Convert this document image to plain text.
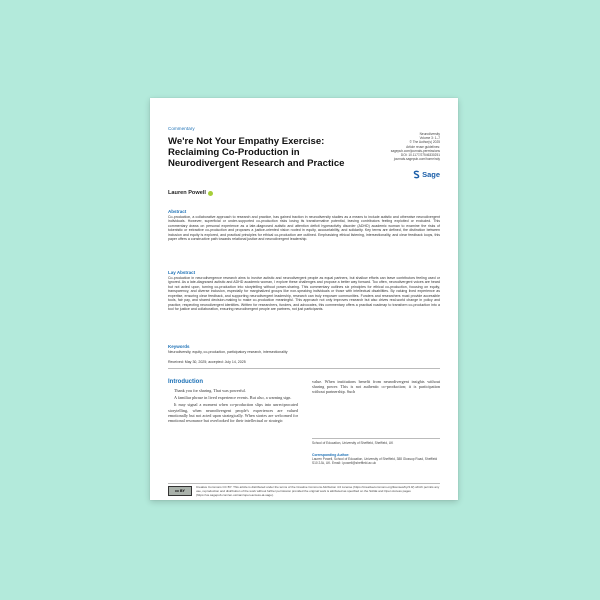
Commentary
We're Not Your Empathy Exercise: Reclaiming Co-Production in Neurodivergent Research and Practice
Neurodiversity
Volume 3: 1–7
© The Author(s) 2025
Article reuse guidelines:
sagepub.com/journals-permissions
DOI: 10.1177/27546330251
journals.sagepub.com/home/ndy
Sage
Lauren Powell
Abstract
Co-production, a collaborative approach to research and practice, has gained traction in neurodiversity studies as a means to include autistic and otherwise neurodivergent individuals. However, superficial or under-supported co-production risks losing its transformative potential, leaving contributors feeling exploited or excluded. This commentary draws on personal experience as a late-diagnosed autistic and attention deficit hyperactivity disorder (ADHD) academic woman to examine the risks of tokenistic or extractive co-production and proposes a justice-oriented vision rooted in equity, accountability, and solidarity. Key terms are defined, the distinction between inclusion and equity is explored, and practical principles for ethical co-production are outlined. Emphasizing ethical listening, intersectionality, and clear feedback loops, this paper offers a constructive path towards relational justice and neurodivergent leadership.
Lay Abstract
Co-production in neurodivergence research aims to involve autistic and neurodivergent people as equal partners, but shallow efforts can leave contributors feeling used or ignored. As a late-diagnosed autistic and ADHD academic woman, I explore these challenges and propose a better way forward. Too often, neurodivergent voices are heard but not acted upon, turning co-production into storytelling without power-sharing. This commentary outlines six principles for ethical co-production, focusing on equity, transparency, and diverse inclusion, especially for marginalized groups like non-speaking individuals or those with intellectual disabilities. By valuing lived experience as expertise, ensuring clear feedback, and supporting neurodivergent leadership, research can truly empower communities. Funders and researchers must provide accessible tools, fair pay, and shared decision-making to make co-production meaningful. This approach not only improves research but also drives real-world change in policy and practice, respecting neurodivergent identities. Written for researchers, funders, and advocates, this commentary offers a practical roadmap to transform co-production into a tool for justice and collaboration, ensuring neurodivergent people are partners, not just participants.
Keywords
Neurodiversity, equity, co-production, participatory research, intersectionality
Received: May 30, 2025; accepted: July 14, 2025
Introduction

Thank you for sharing. That was powerful.

A familiar phrase in lived experience events. But also, a warning sign.

It may signal a moment when co-production slips into unreciprocated storytelling, when neurodivergent people's experiences are valued emotionally but not acted upon strategically. When stories are welcomed for emotional resonance but overlooked for their intellectual or strategic

value. When institutions benefit from neurodivergent insights without sharing power. This is not authentic co-production; it is participation without partnership. Such

School of Education, University of Sheffield, Sheffield, UK
Corresponding Author:
Lauren Powell, School of Education, University of Sheffield, 388 Glossop Road, Sheffield S10 2JA, UK. Email: l.powell@sheffield.ac.uk
cc BY
Creative Commons CC BY: This article is distributed under the terms of the Creative Commons Attribution 4.0 License (https://creativecommons.org/licenses/by/4.0/) which permits any use, reproduction and distribution of the work without further permission provided the original work is attributed as specified on the SAGE and Open Access pages (https://us.sagepub.com/en-us/nam/open-access-at-sage).
